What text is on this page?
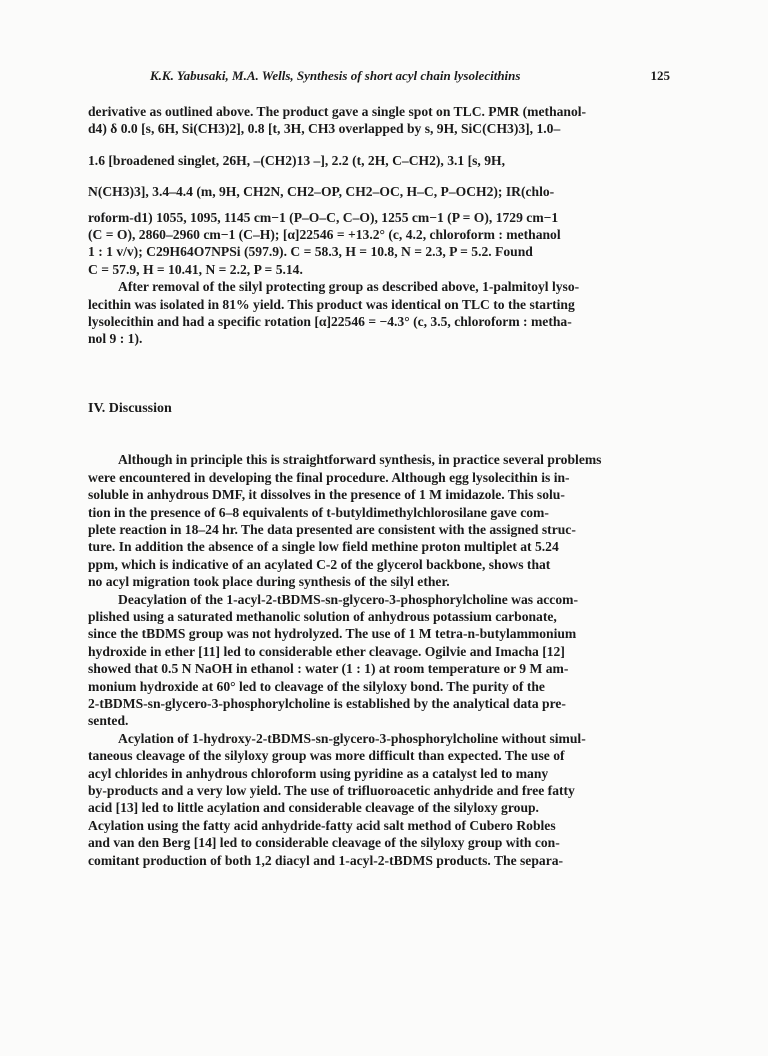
K.K. Yabusaki, M.A. Wells, Synthesis of short acyl chain lysolecithins	125
derivative as outlined above. The product gave a single spot on TLC. PMR (methanol-
d4) δ 0.0 [s, 6H, Si(CH3)2], 0.8 [t, 3H, CH3 overlapped by s, 9H, SiC(CH3)3], 1.0–
1.6 [broadened singlet, 26H, –(CH2)13 –], 2.2 (t, 2H, C–CH2), 3.1 [s, 9H,
N(CH3)3], 3.4–4.4 (m, 9H, CH2N, CH2–OP, CH2–OC, H–C, P–OCH2); IR(chlo-
roform-d1) 1055, 1095, 1145 cm−1 (P–O–C, C–O), 1255 cm−1 (P = O), 1729 cm−1
(C = O), 2860–2960 cm−1 (C–H); [α]22546 = +13.2° (c, 4.2, chloroform : methanol
1 : 1 v/v); C29H64O7NPSi (597.9). C = 58.3, H = 10.8, N = 2.3, P = 5.2. Found
C = 57.9, H = 10.41, N = 2.2, P = 5.14.
After removal of the silyl protecting group as described above, 1-palmitoyl lyso-
lecithin was isolated in 81% yield. This product was identical on TLC to the starting
lysolecithin and had a specific rotation [α]22546 = −4.3° (c, 3.5, chloroform : metha-
nol 9 : 1).
IV. Discussion
Although in principle this is straightforward synthesis, in practice several problems
were encountered in developing the final procedure. Although egg lysolecithin is in-
soluble in anhydrous DMF, it dissolves in the presence of 1 M imidazole. This solu-
tion in the presence of 6–8 equivalents of t-butyldimethylchlorosilane gave com-
plete reaction in 18–24 hr. The data presented are consistent with the assigned struc-
ture. In addition the absence of a single low field methine proton multiplet at 5.24
ppm, which is indicative of an acylated C-2 of the glycerol backbone, shows that
no acyl migration took place during synthesis of the silyl ether.
Deacylation of the 1-acyl-2-tBDMS-sn-glycero-3-phosphorylcholine was accom-
plished using a saturated methanolic solution of anhydrous potassium carbonate,
since the tBDMS group was not hydrolyzed. The use of 1 M tetra-n-butylammonium
hydroxide in ether [11] led to considerable ether cleavage. Ogilvie and Imacha [12]
showed that 0.5 N NaOH in ethanol : water (1 : 1) at room temperature or 9 M am-
monium hydroxide at 60° led to cleavage of the silyloxy bond. The purity of the
2-tBDMS-sn-glycero-3-phosphorylcholine is established by the analytical data pre-
sented.
Acylation of 1-hydroxy-2-tBDMS-sn-glycero-3-phosphorylcholine without simul-
taneous cleavage of the silyloxy group was more difficult than expected. The use of
acyl chlorides in anhydrous chloroform using pyridine as a catalyst led to many
by-products and a very low yield. The use of trifluoroacetic anhydride and free fatty
acid [13] led to little acylation and considerable cleavage of the silyloxy group.
Acylation using the fatty acid anhydride-fatty acid salt method of Cubero Robles
and van den Berg [14] led to considerable cleavage of the silyloxy group with con-
comitant production of both 1,2 diacyl and 1-acyl-2-tBDMS products. The separa-
